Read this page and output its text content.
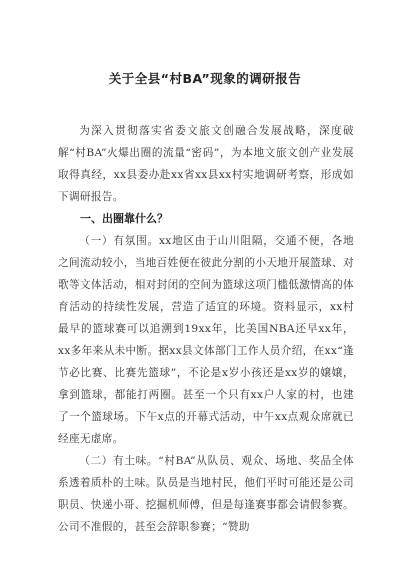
关于全县“村BA”现象的调研报告

为深入贯彻落实省委文旅文创融合发展战略，深度破解“村BA”火爆出圈的流量“密码”，为本地文旅文创产业发展取得真经，xx县委办赴xx省xx县xx村实地调研考察，形成如下调研报告。

一、出圈靠什么？

（一）有氛围。xx地区由于山川阻隔，交通不便，各地之间流动较小，当地百姓便在彼此分割的小天地开展篮球、对歌等文体活动，相对封闭的空间为篮球这项门槛低激情高的体育活动的持续性发展，营造了适宜的环境。资料显示，xx村最早的篮球赛可以追溯到19xx年，比美国NBA还早xx年，xx多年来从未中断。据xx县文体部门工作人员介绍，在xx“逢节必比赛、比赛先篮球”，不论是x岁小孩还是xx岁的嬢嬢，拿到篮球，都能打两圈。甚至一个只有xx户人家的村，也建了一个篮球场。下午x点的开幕式活动，中午xx点观众席就已经座无虚席。

（二）有土味。“村BA”从队员、观众、场地、奖品全体系透着质朴的土味。队员是当地村民，他们平时可能还是公司职员、快递小哥、挖掘机师傅，但是每逢赛事都会请假参赛。公司不准假的，甚至会辞职参赛；“赞助
